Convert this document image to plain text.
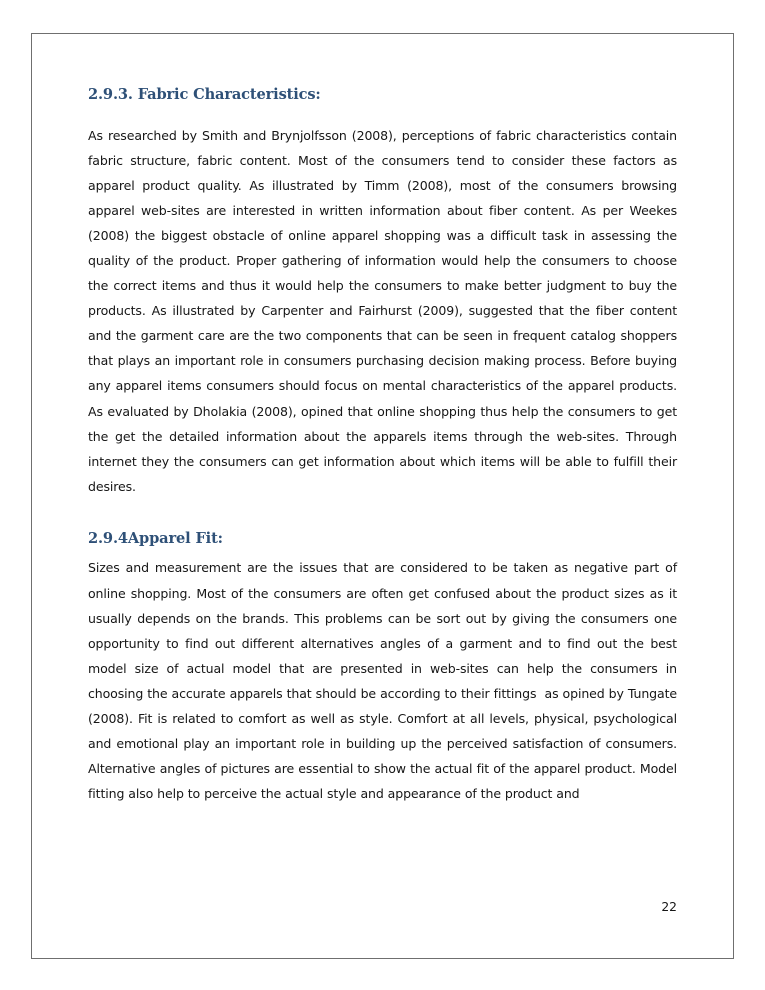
2.9.3. Fabric Characteristics:

As researched by Smith and Brynjolfsson (2008), perceptions of fabric characteristics contain fabric structure, fabric content. Most of the consumers tend to consider these factors as apparel product quality. As illustrated by Timm (2008), most of the consumers browsing apparel web-sites are interested in written information about fiber content. As per Weekes (2008) the biggest obstacle of online apparel shopping was a difficult task in assessing the quality of the product. Proper gathering of information would help the consumers to choose the correct items and thus it would help the consumers to make better judgment to buy the products. As illustrated by Carpenter and Fairhurst (2009), suggested that the fiber content and the garment care are the two components that can be seen in frequent catalog shoppers that plays an important role in consumers purchasing decision making process. Before buying any apparel items consumers should focus on mental characteristics of the apparel products. As evaluated by Dholakia (2008), opined that online shopping thus help the consumers to get the get the detailed information about the apparels items through the web-sites. Through internet they the consumers can get information about which items will be able to fulfill their desires.

2.9.4Apparel Fit:

Sizes and measurement are the issues that are considered to be taken as negative part of online shopping. Most of the consumers are often get confused about the product sizes as it usually depends on the brands. This problems can be sort out by giving the consumers one opportunity to find out different alternatives angles of a garment and to find out the best model size of actual model that are presented in web-sites can help the consumers in choosing the accurate apparels that should be according to their fittings  as opined by Tungate (2008). Fit is related to comfort as well as style. Comfort at all levels, physical, psychological and emotional play an important role in building up the perceived satisfaction of consumers.  Alternative angles of pictures are essential to show the actual fit of the apparel product. Model fitting also help to perceive the actual style and appearance of the product and

22
